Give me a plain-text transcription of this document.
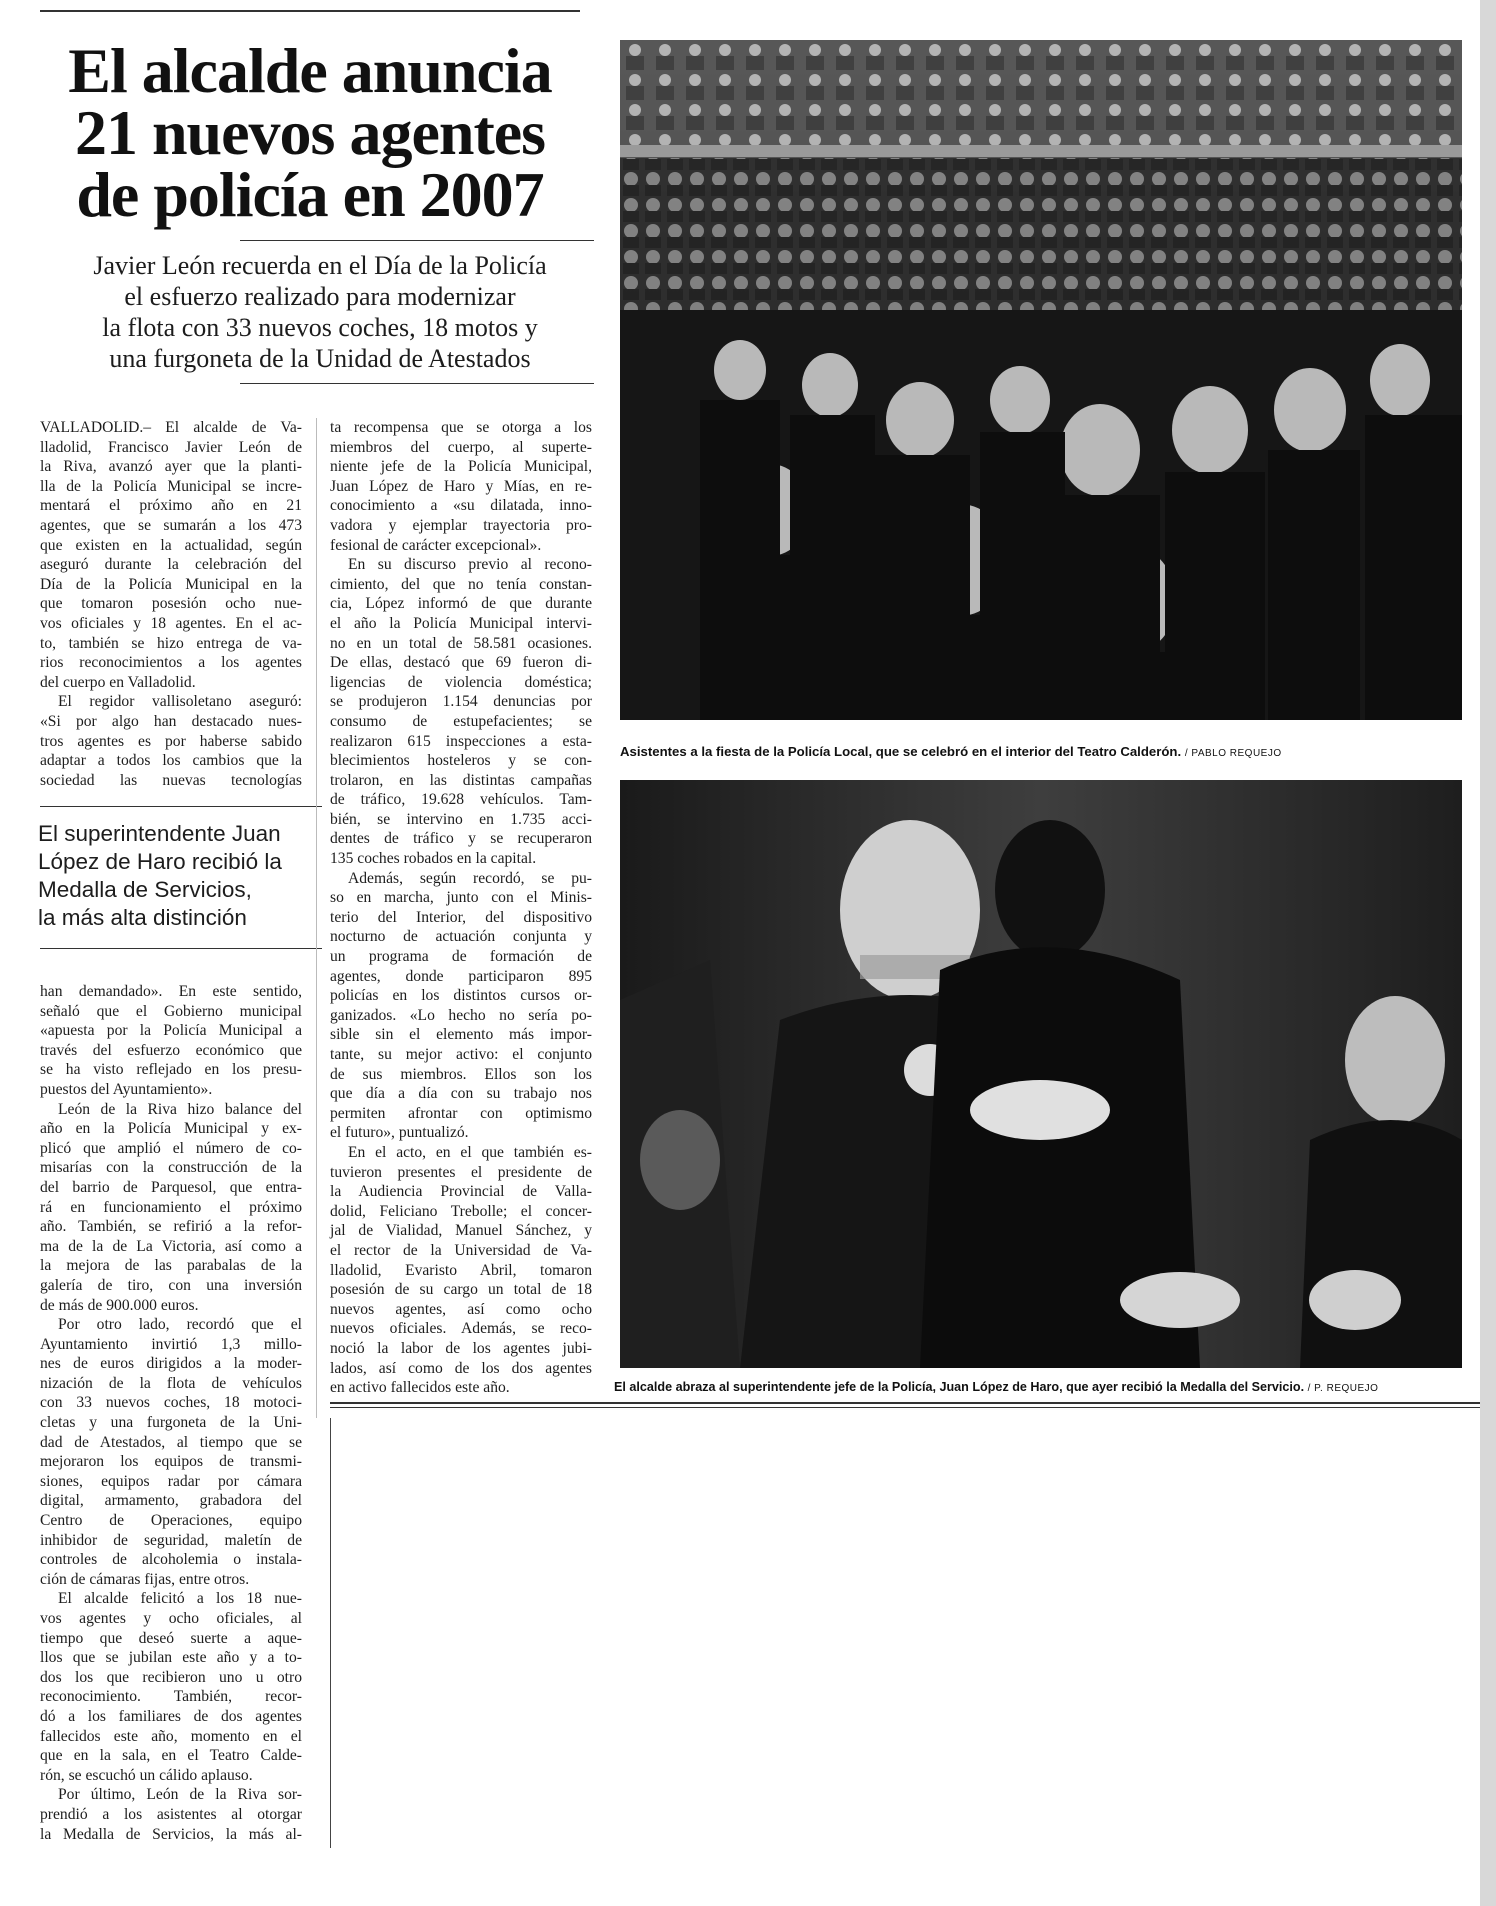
El alcalde anuncia
21 nuevos agentes
de policía en 2007
Javier León recuerda en el Día de la Policía
el esfuerzo realizado para modernizar
la flota con 33 nuevos coches, 18 motos y
una furgoneta de la Unidad de Atestados
VALLADOLID.– El alcalde de Va-
lladolid, Francisco Javier León de
la Riva, avanzó ayer que la planti-
lla de la Policía Municipal se incre-
mentará el próximo año en 21
agentes, que se sumarán a los 473
que existen en la actualidad, según
aseguró durante la celebración del
Día de la Policía Municipal en la
que tomaron posesión ocho nue-
vos oficiales y 18 agentes. En el ac-
to, también se hizo entrega de va-
rios reconocimientos a los agentes
del cuerpo en Valladolid.
El regidor vallisoletano aseguró:
«Si por algo han destacado nues-
tros agentes es por haberse sabido
adaptar a todos los cambios que la
sociedad las nuevas tecnologías
El superintendente Juan
López de Haro recibió la
Medalla de Servicios,
la más alta distinción
han demandado». En este sentido,
señaló que el Gobierno municipal
«apuesta por la Policía Municipal a
través del esfuerzo económico que
se ha visto reflejado en los presu-
puestos del Ayuntamiento».
León de la Riva hizo balance del
año en la Policía Municipal y ex-
plicó que amplió el número de co-
misarías con la construcción de la
del barrio de Parquesol, que entra-
rá en funcionamiento el próximo
año. También, se refirió a la refor-
ma de la de La Victoria, así como a
la mejora de las parabalas de la
galería de tiro, con una inversión
de más de 900.000 euros.
Por otro lado, recordó que el
Ayuntamiento invirtió 1,3 millo-
nes de euros dirigidos a la moder-
nización de la flota de vehículos
con 33 nuevos coches, 18 motoci-
cletas y una furgoneta de la Uni-
dad de Atestados, al tiempo que se
mejoraron los equipos de transmi-
siones, equipos radar por cámara
digital, armamento, grabadora del
Centro de Operaciones, equipo
inhibidor de seguridad, maletín de
controles de alcoholemia o instala-
ción de cámaras fijas, entre otros.
El alcalde felicitó a los 18 nue-
vos agentes y ocho oficiales, al
tiempo que deseó suerte a aque-
llos que se jubilan este año y a to-
dos los que recibieron uno u otro
reconocimiento. También, recor-
dó a los familiares de dos agentes
fallecidos este año, momento en el
que en la sala, en el Teatro Calde-
rón, se escuchó un cálido aplauso.
Por último, León de la Riva sor-
prendió a los asistentes al otorgar
la Medalla de Servicios, la más al-
ta recompensa que se otorga a los
miembros del cuerpo, al superte-
niente jefe de la Policía Municipal,
Juan López de Haro y Mías, en re-
conocimiento a «su dilatada, inno-
vadora y ejemplar trayectoria pro-
fesional de carácter excepcional».
En su discurso previo al recono-
cimiento, del que no tenía constan-
cia, López informó de que durante
el año la Policía Municipal intervi-
no en un total de 58.581 ocasiones.
De ellas, destacó que 69 fueron di-
ligencias de violencia doméstica;
se produjeron 1.154 denuncias por
consumo de estupefacientes; se
realizaron 615 inspecciones a esta-
blecimientos hosteleros y se con-
trolaron, en las distintas campañas
de tráfico, 19.628 vehículos. Tam-
bién, se intervino en 1.735 acci-
dentes de tráfico y se recuperaron
135 coches robados en la capital.
Además, según recordó, se pu-
so en marcha, junto con el Minis-
terio del Interior, del dispositivo
nocturno de actuación conjunta y
un programa de formación de
agentes, donde participaron 895
policías en los distintos cursos or-
ganizados. «Lo hecho no sería po-
sible sin el elemento más impor-
tante, su mejor activo: el conjunto
de sus miembros. Ellos son los
que día a día con su trabajo nos
permiten afrontar con optimismo
el futuro», puntualizó.
En el acto, en el que también es-
tuvieron presentes el presidente de
la Audiencia Provincial de Valla-
dolid, Feliciano Trebolle; el concer-
jal de Vialidad, Manuel Sánchez, y
el rector de la Universidad de Va-
lladolid, Evaristo Abril, tomaron
posesión de su cargo un total de 18
nuevos agentes, así como ocho
nuevos oficiales. Además, se reco-
noció la labor de los agentes jubi-
lados, así como de los dos agentes
en activo fallecidos este año.
Asistentes a la fiesta de la Policía Local, que se celebró en el interior del Teatro Calderón. / PABLO REQUEJO
El alcalde abraza al superintendente jefe de la Policía, Juan López de Haro, que ayer recibió la Medalla del Servicio. / P. REQUEJO
